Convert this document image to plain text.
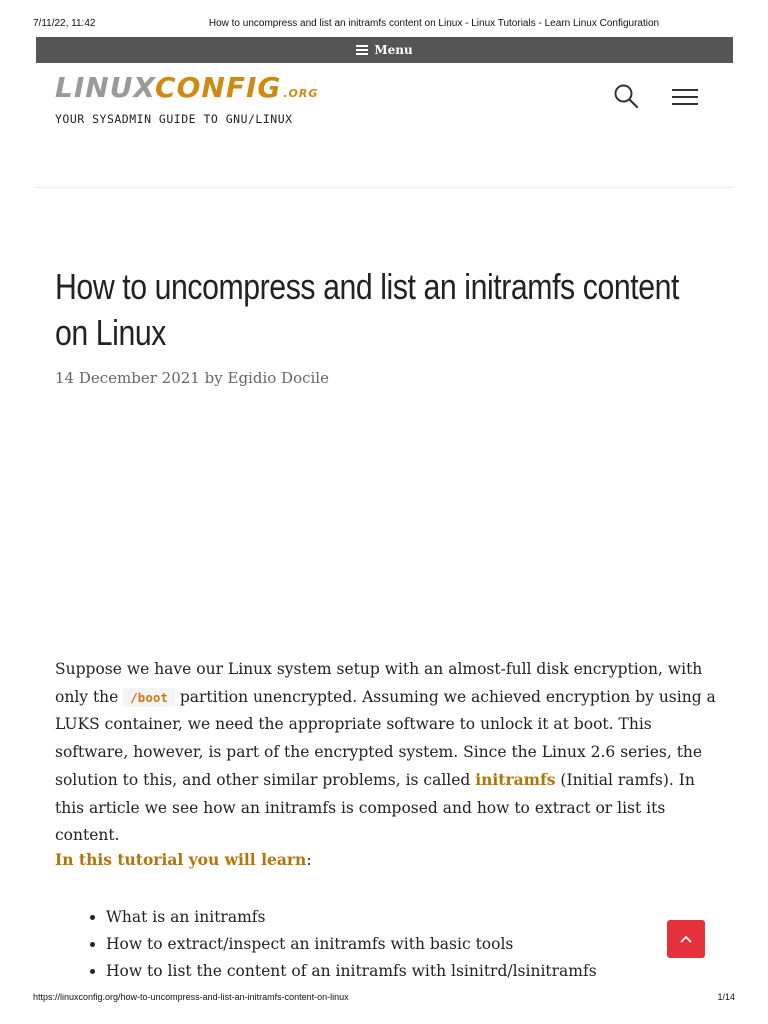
7/11/22, 11:42	How to uncompress and list an initramfs content on Linux - Linux Tutorials - Learn Linux Configuration
Menu
LINUXCONFIG .ORG
YOUR SYSADMIN GUIDE TO GNU/LINUX
How to uncompress and list an initramfs content on Linux
14 December 2021 by Egidio Docile

Suppose we have our Linux system setup with an almost-full disk encryption, with only the /boot partition unencrypted. Assuming we achieved encryption by using a LUKS container, we need the appropriate software to unlock it at boot. This software, however, is part of the encrypted system. Since the Linux 2.6 series, the solution to this, and other similar problems, is called initramfs (Initial ramfs). In this article we see how an initramfs is composed and how to extract or list its content.

In this tutorial you will learn:
• What is an initramfs
• How to extract/inspect an initramfs with basic tools
• How to list the content of an initramfs with lsinitrd/lsinitramfs
https://linuxconfig.org/how-to-uncompress-and-list-an-initramfs-content-on-linux	1/14
